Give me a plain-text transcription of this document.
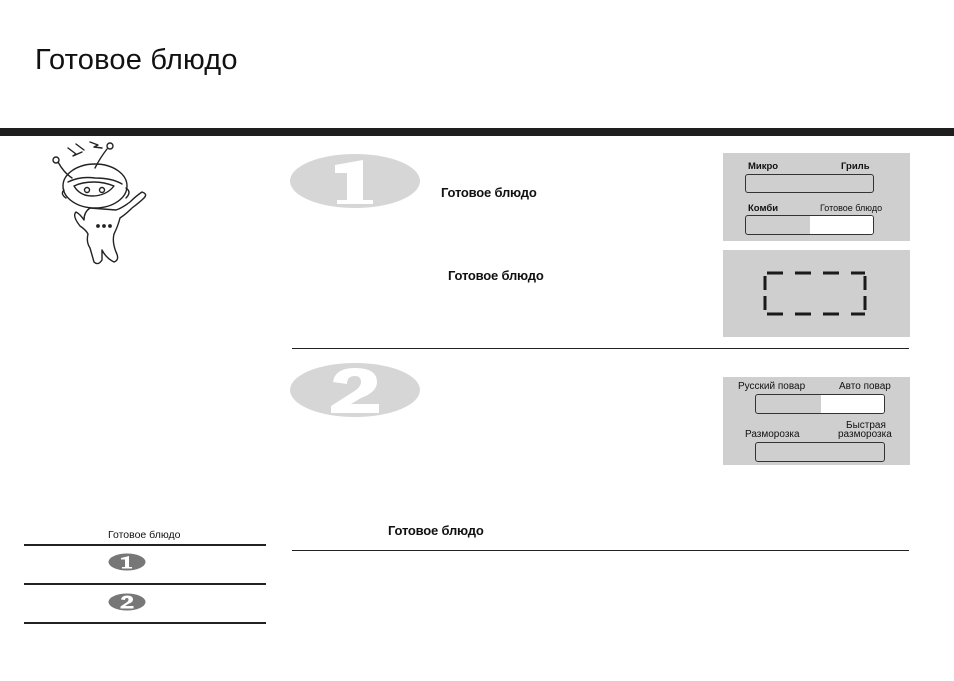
Готовое блюдо
Готовое блюдо
Готовое блюдо
Микро	Гриль
Комби	Готовое блюдо
Русский повар	Авто повар
Разморозка
Быстрая
разморозка
Готовое блюдо
Готовое блюдо
